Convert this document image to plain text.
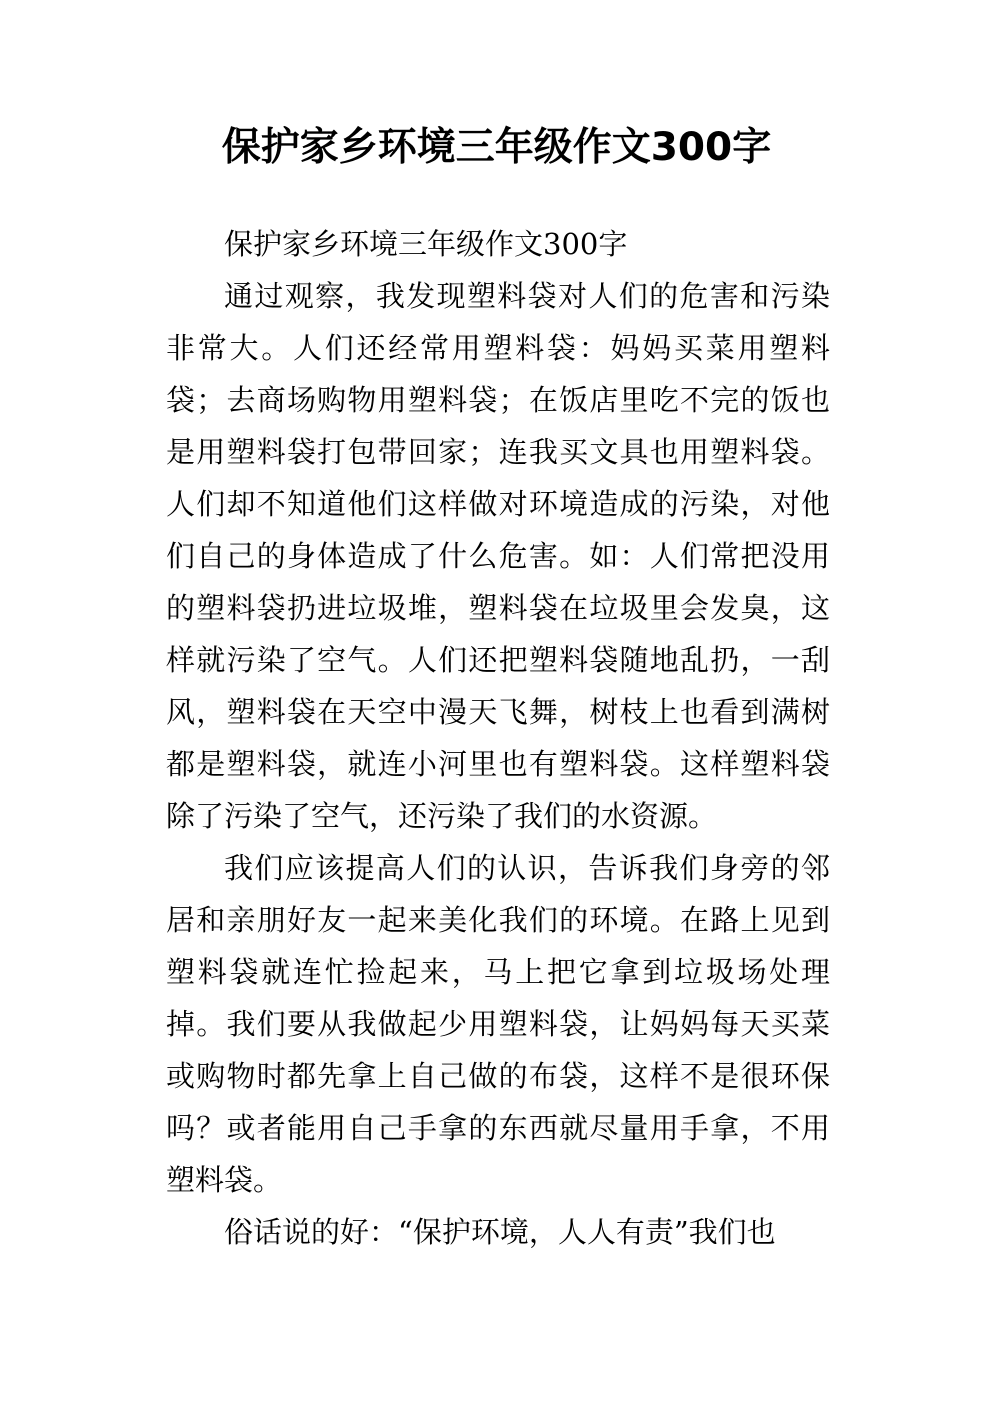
保护家乡环境三年级作文300字

保护家乡环境三年级作文300字

通过观察，我发现塑料袋对人们的危害和污染非常大。人们还经常用塑料袋：妈妈买菜用塑料袋；去商场购物用塑料袋；在饭店里吃不完的饭也是用塑料袋打包带回家；连我买文具也用塑料袋。人们却不知道他们这样做对环境造成的污染，对他们自己的身体造成了什么危害。如：人们常把没用的塑料袋扔进垃圾堆，塑料袋在垃圾里会发臭，这样就污染了空气。人们还把塑料袋随地乱扔，一刮风，塑料袋在天空中漫天飞舞，树枝上也看到满树都是塑料袋，就连小河里也有塑料袋。这样塑料袋除了污染了空气，还污染了我们的水资源。

我们应该提高人们的认识，告诉我们身旁的邻居和亲朋好友一起来美化我们的环境。在路上见到塑料袋就连忙捡起来，马上把它拿到垃圾场处理掉。我们要从我做起少用塑料袋，让妈妈每天买菜或购物时都先拿上自己做的布袋，这样不是很环保吗？或者能用自己手拿的东西就尽量用手拿，不用塑料袋。

俗话说的好：“保护环境，人人有责”我们也
